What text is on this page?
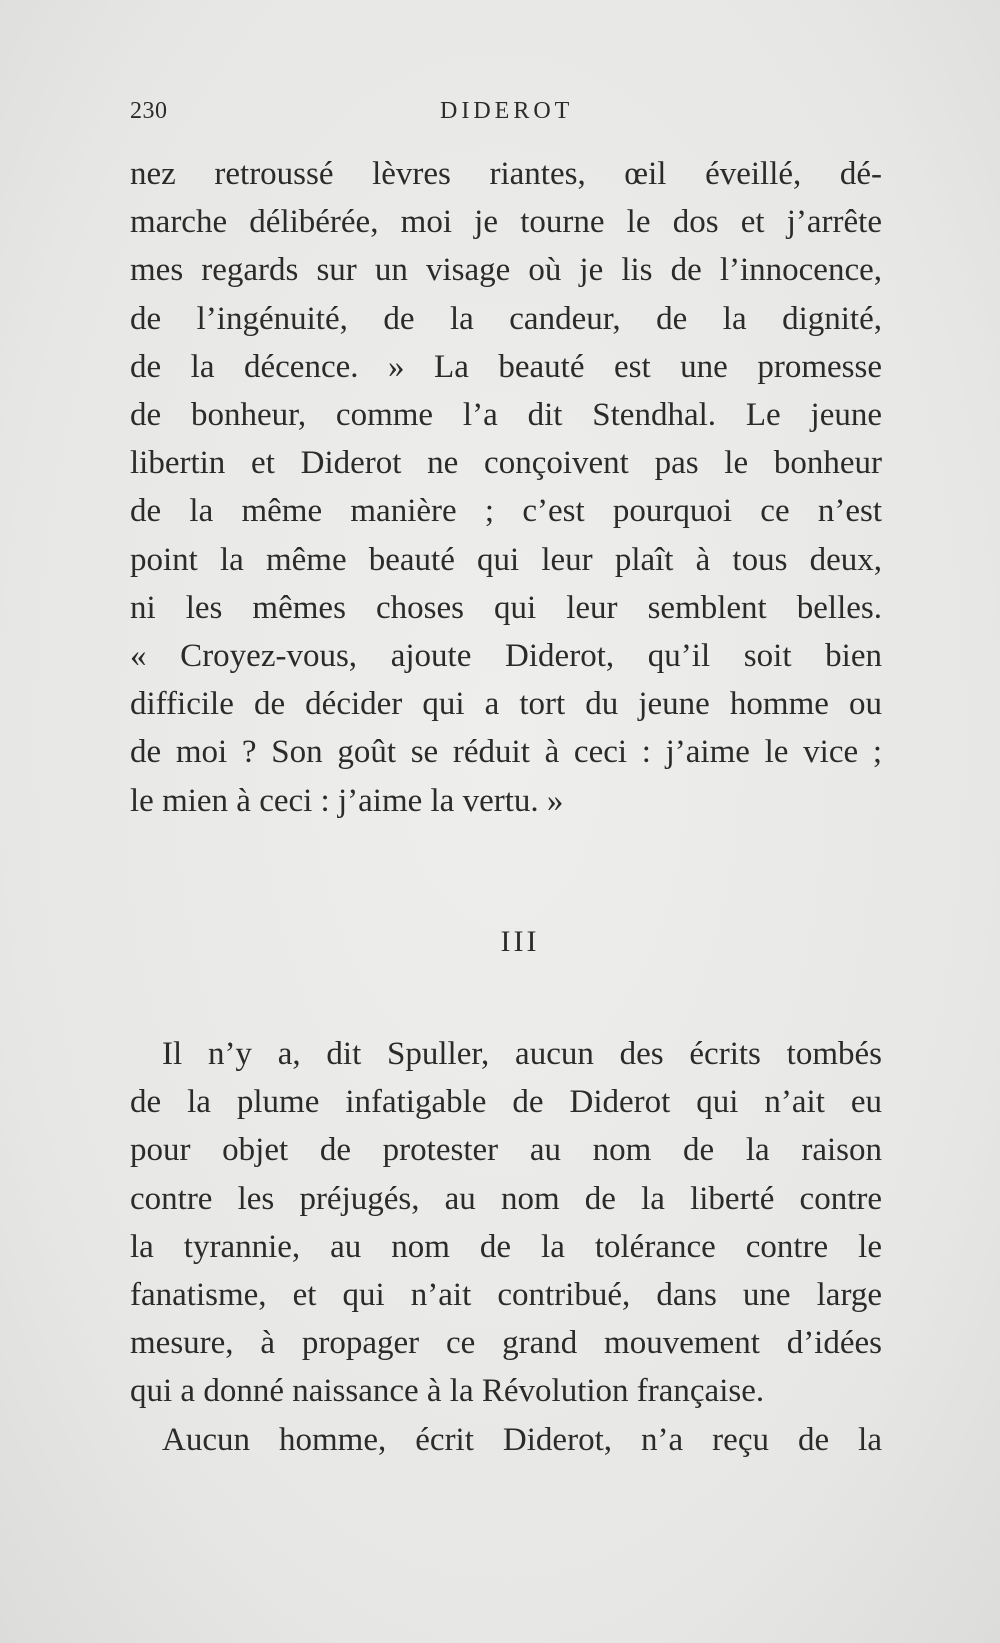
230	DIDEROT
nez retroussé lèvres riantes, œil éveillé, dé-
marche délibérée, moi je tourne le dos et j’arrête
mes regards sur un visage où je lis de l’innocence,
de l’ingénuité, de la candeur, de la dignité,
de la décence. » La beauté est une promesse
de bonheur, comme l’a dit Stendhal. Le jeune
libertin et Diderot ne conçoivent pas le bonheur
de la même manière ; c’est pourquoi ce n’est
point la même beauté qui leur plaît à tous deux,
ni les mêmes choses qui leur semblent belles.
« Croyez-vous, ajoute Diderot, qu’il soit bien
difficile de décider qui a tort du jeune homme ou
de moi ? Son goût se réduit à ceci : j’aime le vice ;
le mien à ceci : j’aime la vertu. »
III
Il n’y a, dit Spuller, aucun des écrits tombés
de la plume infatigable de Diderot qui n’ait eu
pour objet de protester au nom de la raison
contre les préjugés, au nom de la liberté contre
la tyrannie, au nom de la tolérance contre le
fanatisme, et qui n’ait contribué, dans une large
mesure, à propager ce grand mouvement d’idées
qui a donné naissance à la Révolution française.
Aucun homme, écrit Diderot, n’a reçu de la
